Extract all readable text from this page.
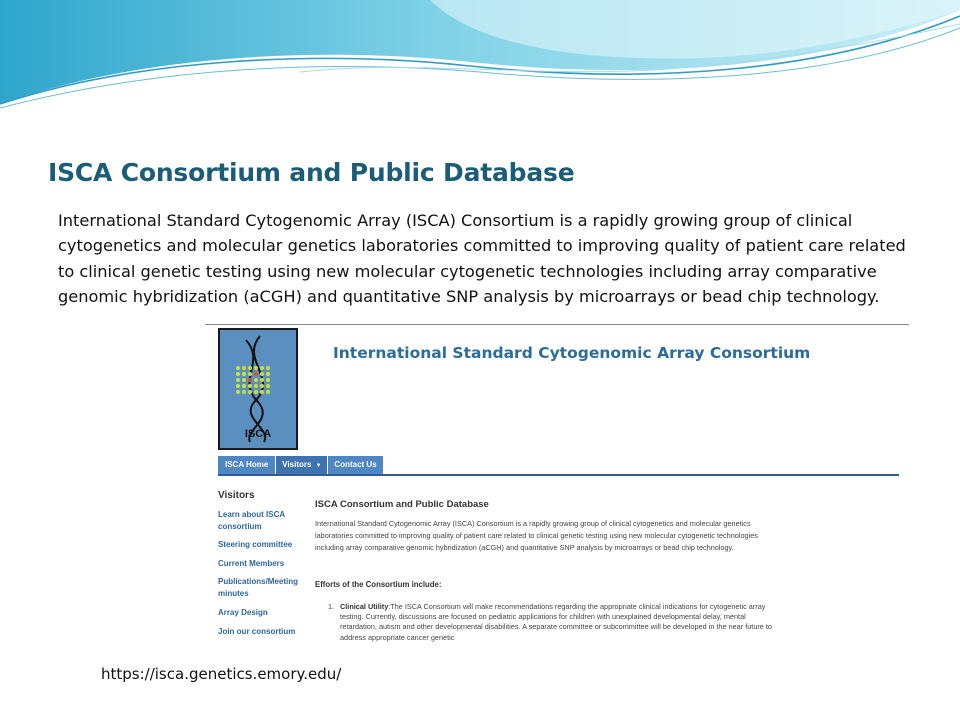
ISCA Consortium and Public Database

International Standard Cytogenomic Array (ISCA) Consortium is a rapidly growing group of clinical cytogenetics and molecular genetics laboratories committed to improving quality of patient care related to clinical genetic testing using new molecular cytogenetic technologies including array comparative genomic hybridization (aCGH) and quantitative SNP analysis by microarrays or bead chip technology.

ISCA
International Standard Cytogenomic Array Consortium
ISCA Home	Visitors ▼	Contact Us
Visitors
Learn about ISCA consortium
Steering committee
Current Members
Publications/Meeting minutes
Array Design
Join our consortium
ISCA Consortium and Public Database

International Standard Cytogenomic Array (ISCA) Consortium is a rapidly growing group of clinical cytogenetics and molecular genetics laboratories committed to improving quality of patient care related to clinical genetic testing using new molecular cytogenetic technologies including array comparative genomic hybridization (aCGH) and quantitative SNP analysis by microarrays or bead chip technology.

Efforts of the Consortium include:
1. Clinical Utility:The ISCA Consortium will make recommendations regarding the appropriate clinical indications for cytogenetic array testing. Currently, discussions are focused on pediatric applications for children with unexplained developmental delay, mental retardation, autism and other developmental disabilities. A separate committee or subcommittee will be developed in the near future to address appropriate cancer genetic

https://isca.genetics.emory.edu/
